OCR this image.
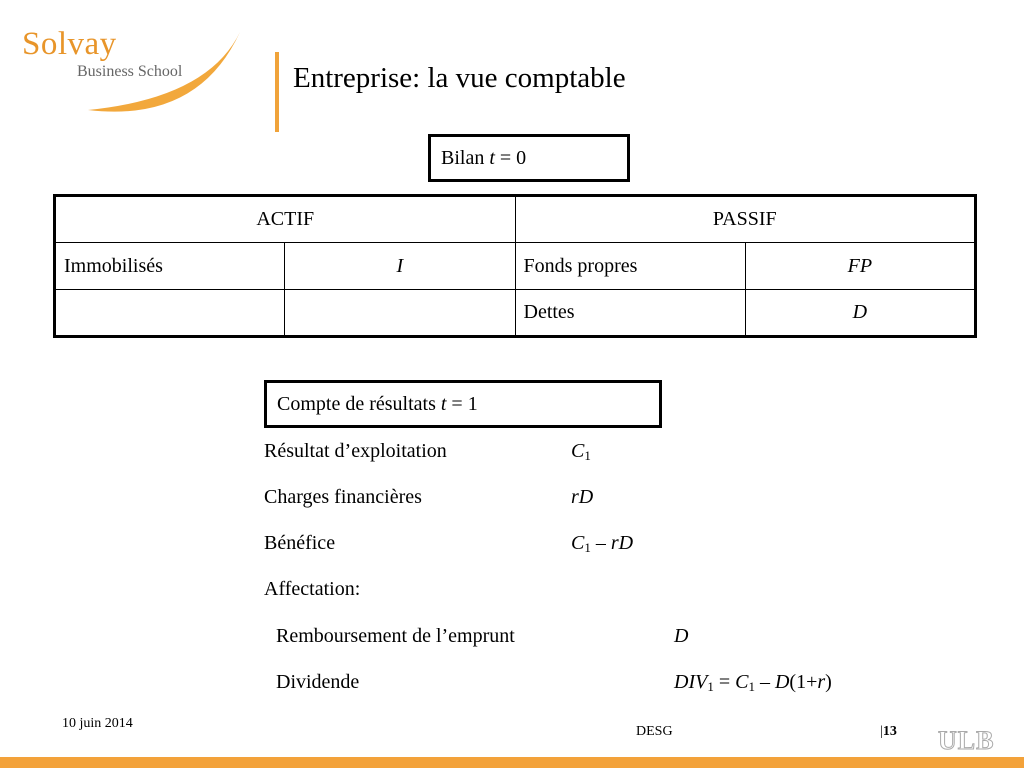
Solvay
Business School	Entreprise: la vue comptable
Bilan t = 0
ACTIF		PASSIF	
Immobilisés	I	Fonds propres	FP
		Dettes	D
Compte de résultats t = 1
Résultat d’exploitation	$C_1$
Charges financières	rD
Bénéfice	$C_1$ – rD
Affectation:
Remboursement de l’emprunt	D
Dividende	$DIV_1 = C_1 - D(1+r)$
10 juin 2014
DESG	|13 ULB
